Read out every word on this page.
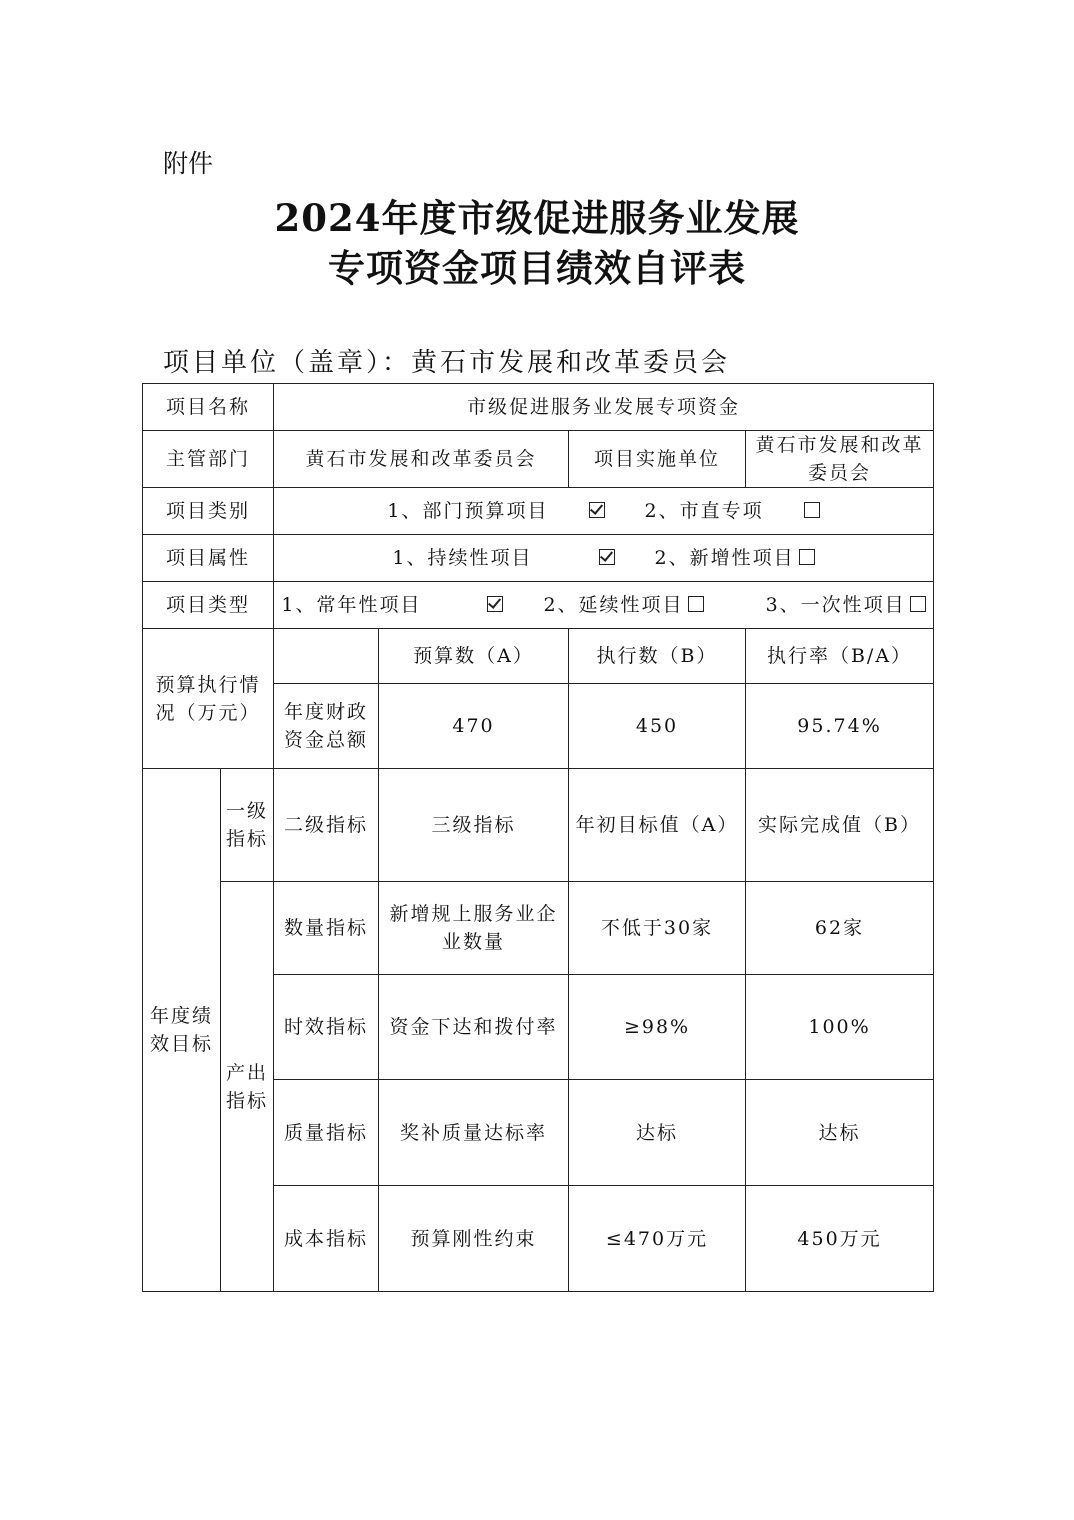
附件
2024年度市级促进服务业发展
专项资金项目绩效自评表
项目单位（盖章）：黄石市发展和改革委员会
项目名称		市级促进服务业发展专项资金			
主管部门		黄石市发展和改革委员会		项目实施单位	黄石市发展和改革委员会
项目类别		1、部门预算项目 2、市直专项			
项目属性		1、持续性项目 2、新增性项目			
项目类型		1、常年性项目 2、延续性项目 3、一次性项目			
预算执行情况（万元）			预算数（A）	执行数（B）	执行率（B/A）
		年度财政资金总额	470	450	95.74%
年度绩效目标	一级指标	二级指标	三级指标	年初目标值（A）	实际完成值（B）
	产出指标	数量指标	新增规上服务业企业数量	不低于30家	62家
		时效指标	资金下达和拨付率	≥98%	100%
		质量指标	奖补质量达标率	达标	达标
		成本指标	预算刚性约束	≤470万元	450万元
